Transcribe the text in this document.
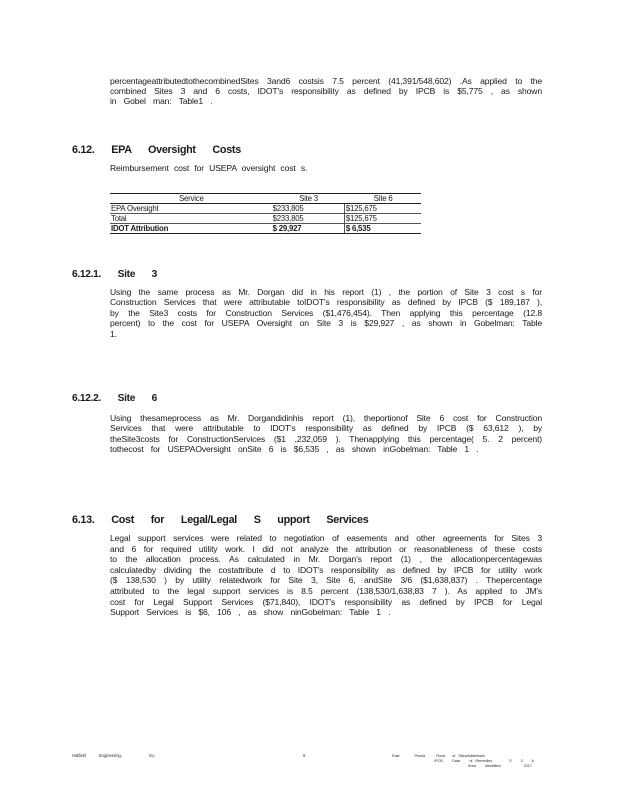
percentageattributedtothecombinedSites 3and6 costsis 7.5 percent (41,391/548,602) .As applied to the combined Sites 3 and 6 costs, IDOT's responsibility as defined by IPCB is $5,775 , as shown in Gobel man: Table1 .

6.12. EPA Oversight Costs

Reimbursement cost for USEPA oversight cost s.

Service	Site 3	Site 6
EPA Oversight	$233,805	$125,675
Total	$233,805	$125,675
IDOT Attribution	$ 29,927	$ 6,535
6.12.1. Site 3

Using the same process as Mr. Dorgan did in his report (1) , the portion of Site 3 cost s for Construction Services that were attributable toIDOT's responsibility as defined by IPCB ($ 189,187 ), by the Site3 costs for Construction Services ($1,476,454). Then applying this percentage (12.8 percent) to the cost for USEPA Oversight on Site 3 is $29,927 , as shown in Gobelman: Table 1.

6.12.2. Site 6

Using thesameprocess as Mr. Dorgandidinhis report (1), theportionof Site 6 cost for Construction Services that were attributable to IDOT's responsibility as defined by IPCB ($ 63,612 ), by theSite3costs for ConstructionServices ($1 ,232,059 ). Thenapplying this percentage( 5. 2 percent) tothecost for USEPAOversight onSite 6 is $6,535 , as shown inGobelman: Table 1 .

6.13. Cost for Legal/Legal S upport Services

Legal support services were related to negotiation of easements and other agreements for Sites 3 and 6 for required utility work. I did not analyze the attribution or reasonableness of these costs to the allocation process. As calculated in Mr. Dorgan's report (1) , the allocationpercentagewas calculatedby dividing the costattribute d to IDOT's responsibility as defined by IPCB for utility work ($ 138,530 ) by utility relatedwork for Site 3, Site 6, andSite 3/6 ($1,638,837) . Thepercentage attributed to the legal support services is 8.5 percent (138,530/1,638,83 7 ). As applied to JM's cost for Legal Support Services ($71,840), IDOT's responsibility as defined by IPCB for Legal Support Services is $6, 106 , as show ninGobelman: Table 1 .

Hatfield	Engineering,	Inc.	6	East	Peoria	Flood of Sites/Addresses
IPCB Case of Remedies	S 3 6
Area Identifiers	2017
